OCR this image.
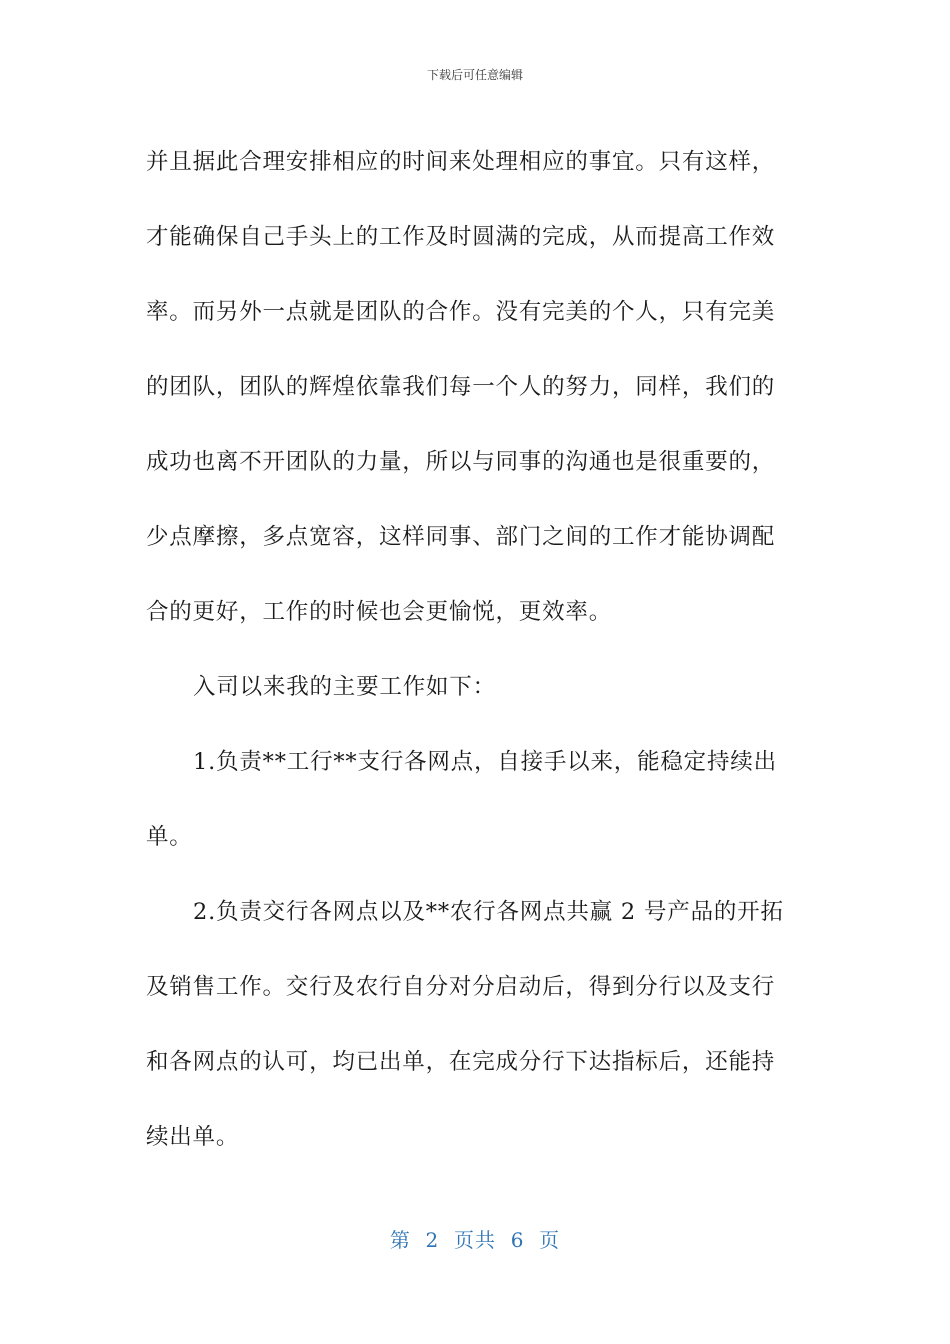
下载后可任意编辑
并且据此合理安排相应的时间来处理相应的事宜。只有这样，
才能确保自己手头上的工作及时圆满的完成，从而提高工作效
率。而另外一点就是团队的合作。没有完美的个人，只有完美
的团队，团队的辉煌依靠我们每一个人的努力，同样，我们的
成功也离不开团队的力量，所以与同事的沟通也是很重要的，
少点摩擦，多点宽容，这样同事、部门之间的工作才能协调配
合的更好，工作的时候也会更愉悦，更效率。
入司以来我的主要工作如下：
1.负责**工行**支行各网点，自接手以来，能稳定持续出
单。
2.负责交行各网点以及**农行各网点共赢 2 号产品的开拓
及销售工作。交行及农行自分对分启动后，得到分行以及支行
和各网点的认可，均已出单，在完成分行下达指标后，还能持
续出单。
第  2  页共  6  页
